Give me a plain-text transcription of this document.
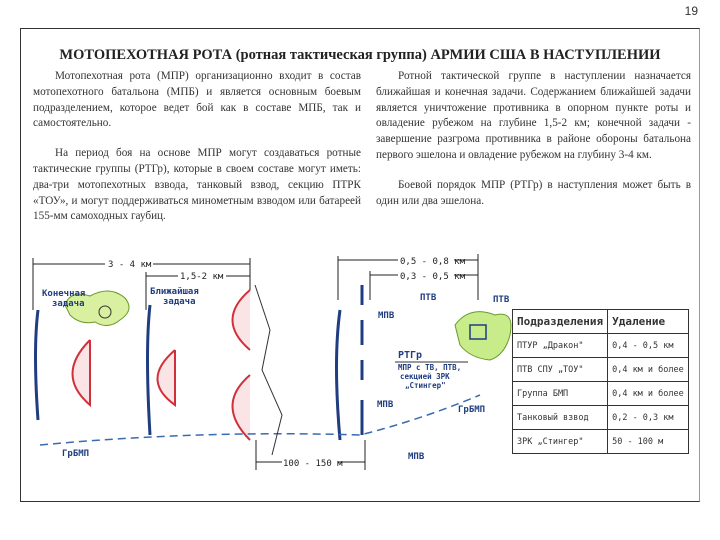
19
МОТОПЕХОТНАЯ РОТА (ротная тактическая группа) АРМИИ США В НАСТУПЛЕНИИ

Мотопехотная рота (МПР) организационно входит в состав мотопехотного батальона (МПБ) и является основным боевым подразделением, которое ведет бой как в составе МПБ, так и самостоятельно.

На период боя на основе МПР могут создаваться ротные тактические группы (РТГр), которые в своем составе могут иметь: два-три мотопехотных взвода, танковый взвод, секцию ПТРК «ТОУ», и могут поддерживаться минометным взводом или батареей 155-мм самоходных гаубиц.

Ротной тактической группе в наступлении назначается ближайшая и конечная задачи. Содержанием ближайшей задачи является уничтожение противника в опорном пункте роты и овладение рубежом на глубине 1,5-2 км; конечной задачи - завершение разгрома противника в районе обороны батальона первого эшелона и овладение рубежом на глубину 3-4 км.

Боевой порядок МПР (РТГр) в наступления может быть в один или два эшелона.

3 - 4 км
1,5-2 км
100 - 150 м
0,5 - 0,8 км
0,3 - 0,5 км
Конечная
задача
Ближайшая
задача
ГрБМП
ПТВ	ПТВ
МПВ
МПВ
МПВ
РТГр
МПР с ТВ, ПТВ,
секцией ЗРК
„Стингер"
ГрБМП
Подразделения	Удаление
ПТУР „Дракон"	0,4 - 0,5 км
ПТВ СПУ „ТОУ"	0,4 км и более
Группа БМП	0,4 км и более
Танковый взвод	0,2 - 0,3 км
ЗРК „Стингер"	50 - 100 м
